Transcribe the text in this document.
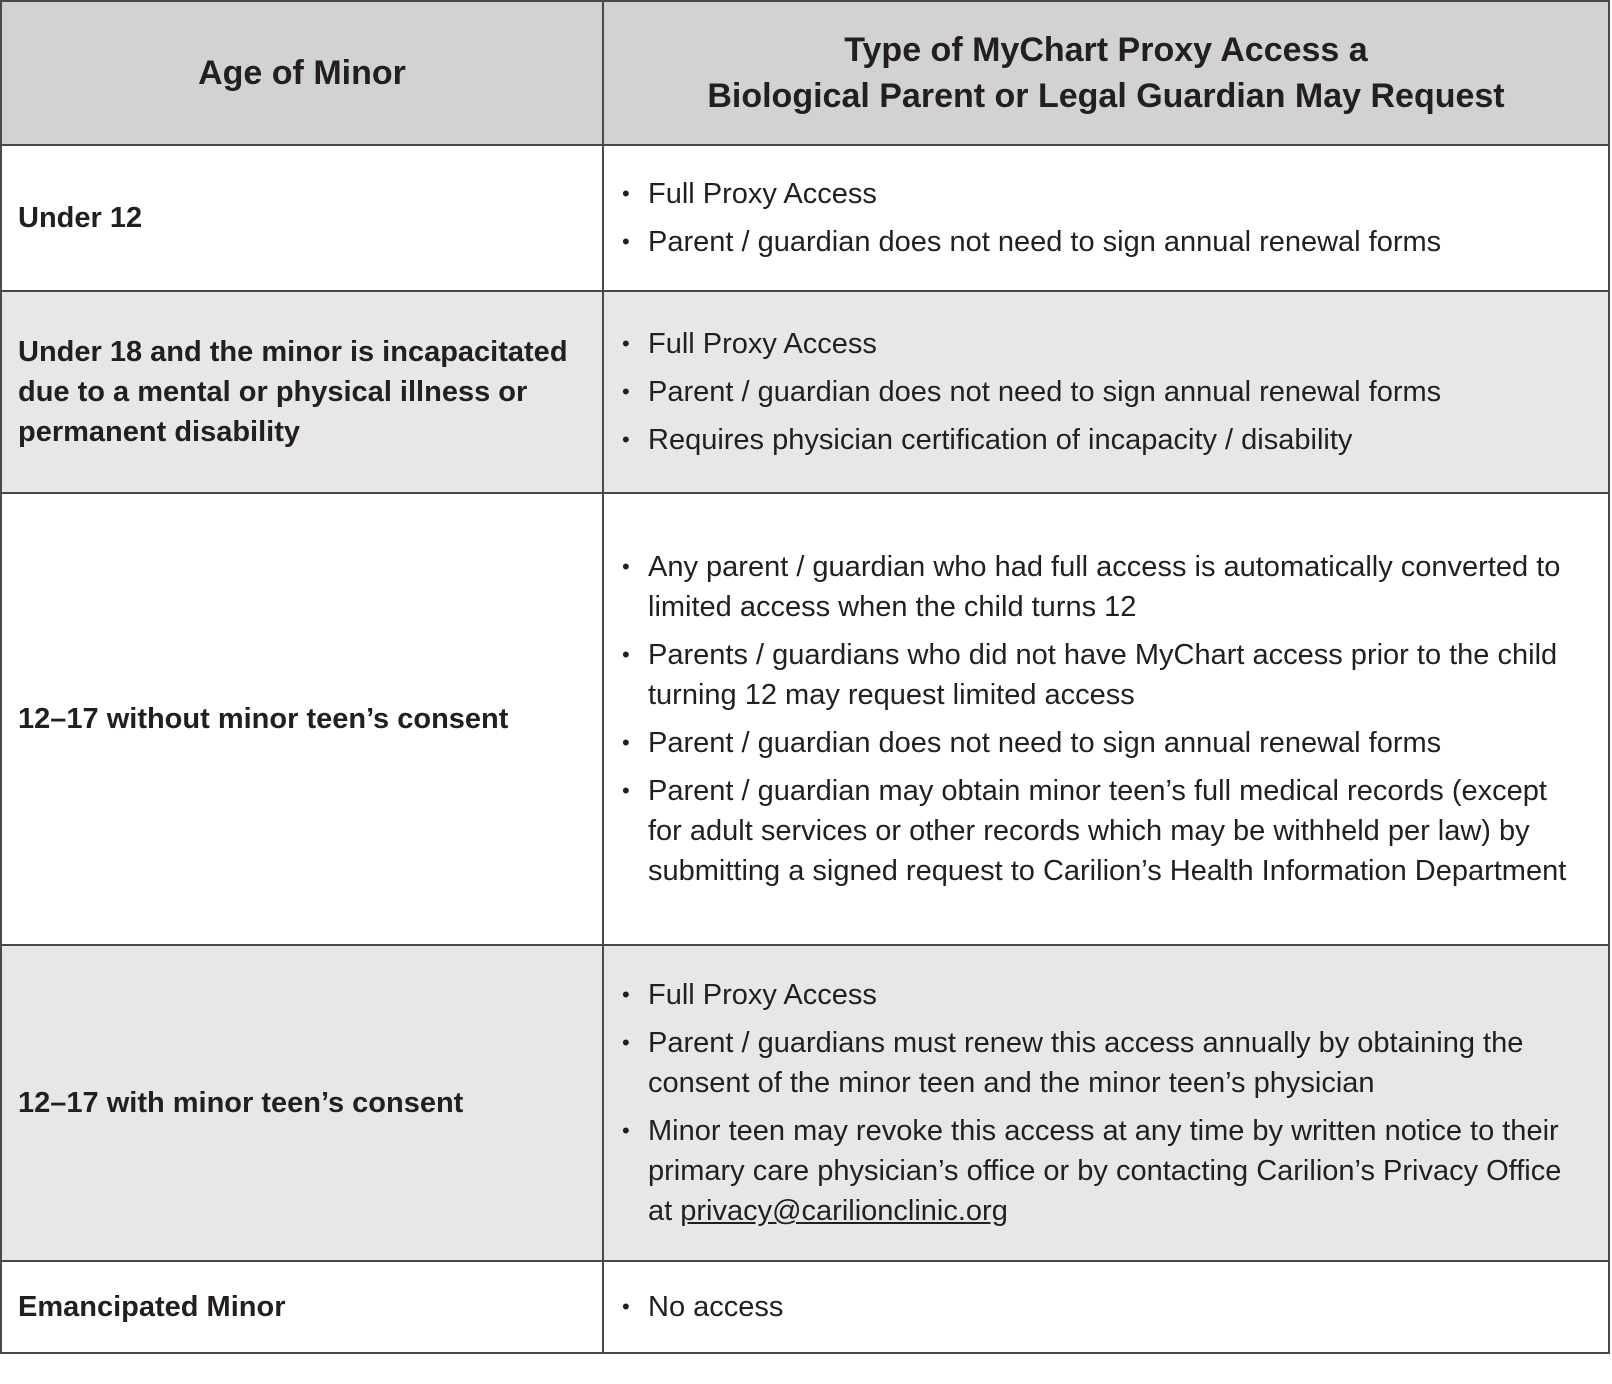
Age of Minor
Type of MyChart Proxy Access a
Biological Parent or Legal Guardian May Request
Under 12
• Full Proxy Access
• Parent / guardian does not need to sign annual renewal forms
Under 18 and the minor is incapacitated due to a mental or physical illness or permanent disability
• Full Proxy Access
• Parent / guardian does not need to sign annual renewal forms
• Requires physician certification of incapacity / disability
12–17 without minor teen’s consent
• Any parent / guardian who had full access is automatically converted to limited access when the child turns 12
• Parents / guardians who did not have MyChart access prior to the child turning 12 may request limited access
• Parent / guardian does not need to sign annual renewal forms
• Parent / guardian may obtain minor teen’s full medical records (except for adult services or other records which may be withheld per law) by submitting a signed request to Carilion’s Health Information Department
12–17 with minor teen’s consent
• Full Proxy Access
• Parent / guardians must renew this access annually by obtaining the consent of the minor teen and the minor teen’s physician
• Minor teen may revoke this access at any time by written notice to their primary care physician’s office or by contacting Carilion’s Privacy Office at privacy@carilionclinic.org
Emancipated Minor
•	No access
